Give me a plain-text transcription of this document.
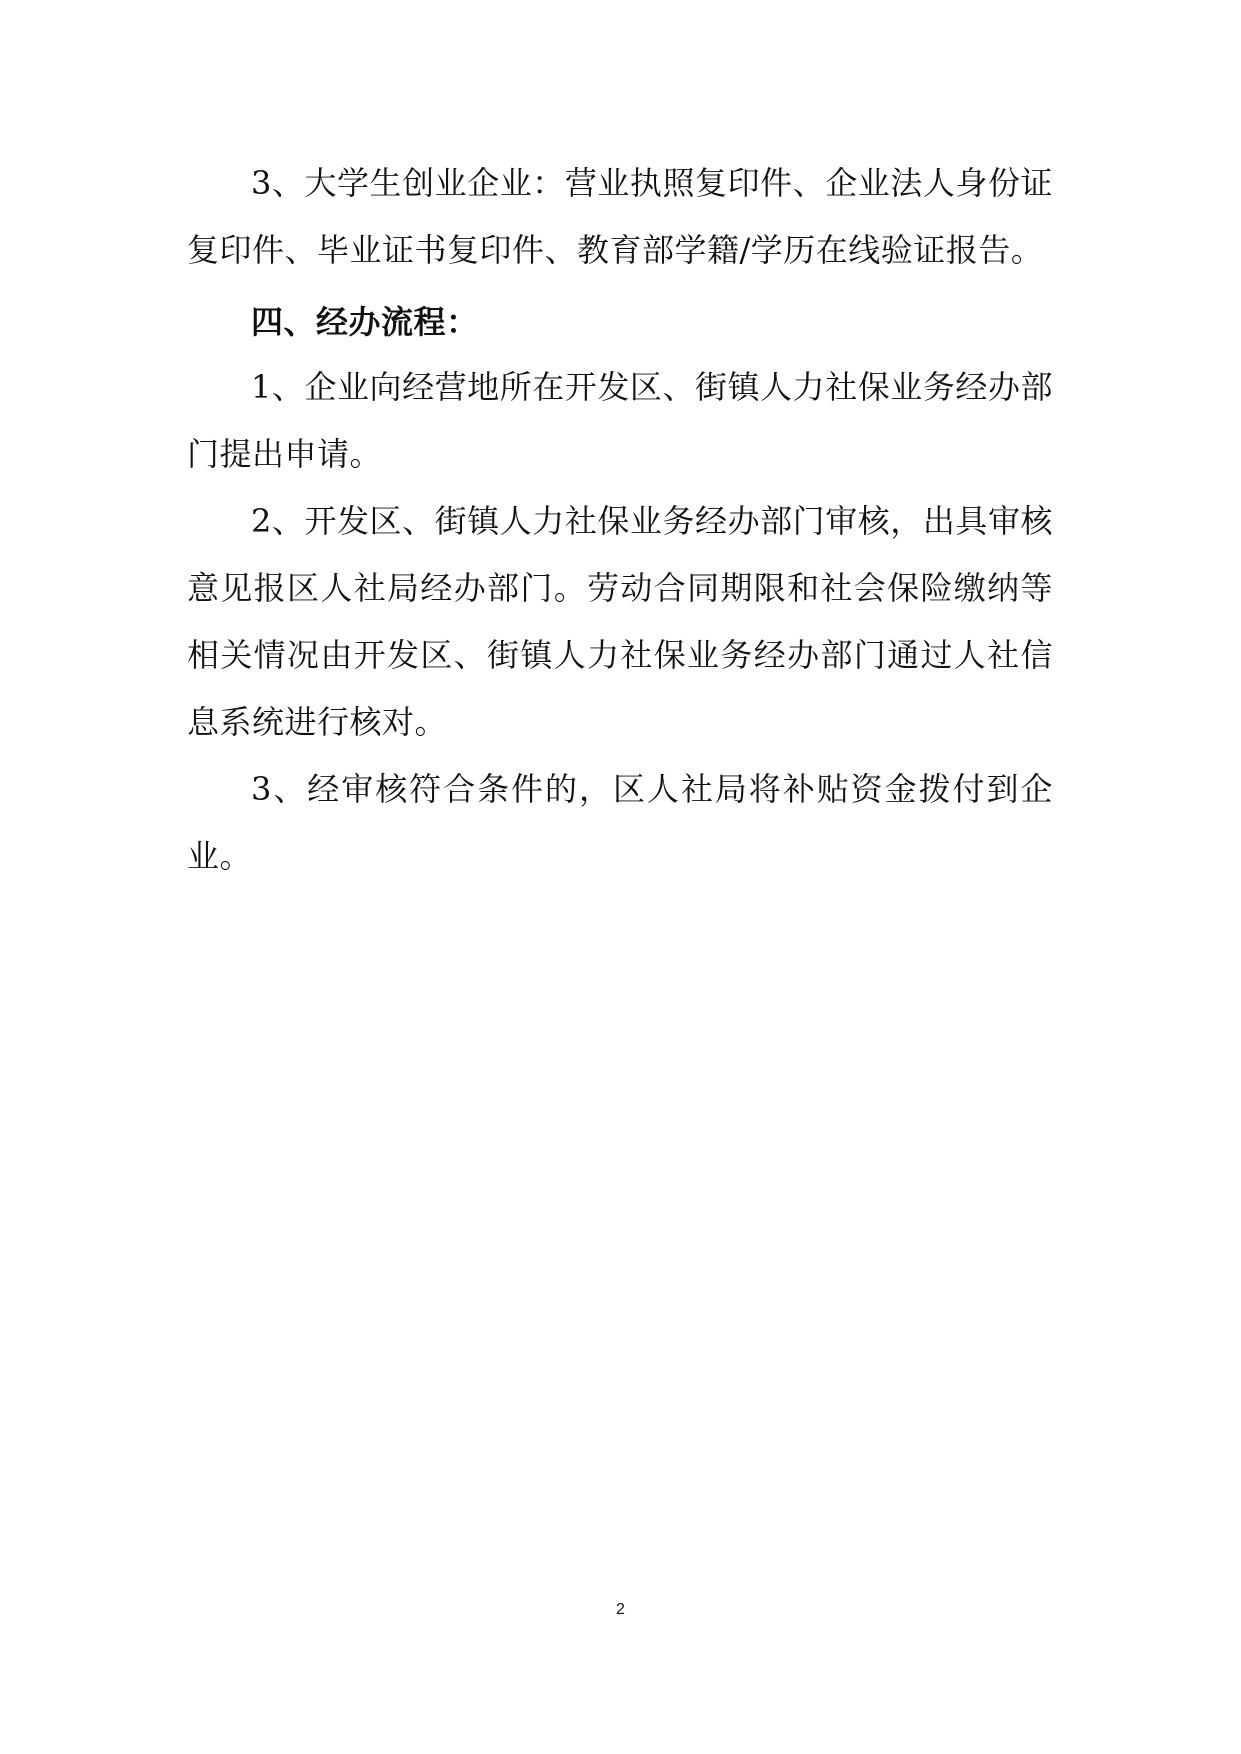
3、大学生创业企业：营业执照复印件、企业法人身份证复印件、毕业证书复印件、教育部学籍/学历在线验证报告。

四、经办流程：

1、企业向经营地所在开发区、街镇人力社保业务经办部门提出申请。

2、开发区、街镇人力社保业务经办部门审核，出具审核意见报区人社局经办部门。劳动合同期限和社会保险缴纳等相关情况由开发区、街镇人力社保业务经办部门通过人社信息系统进行核对。

3、经审核符合条件的，区人社局将补贴资金拨付到企业。

2
